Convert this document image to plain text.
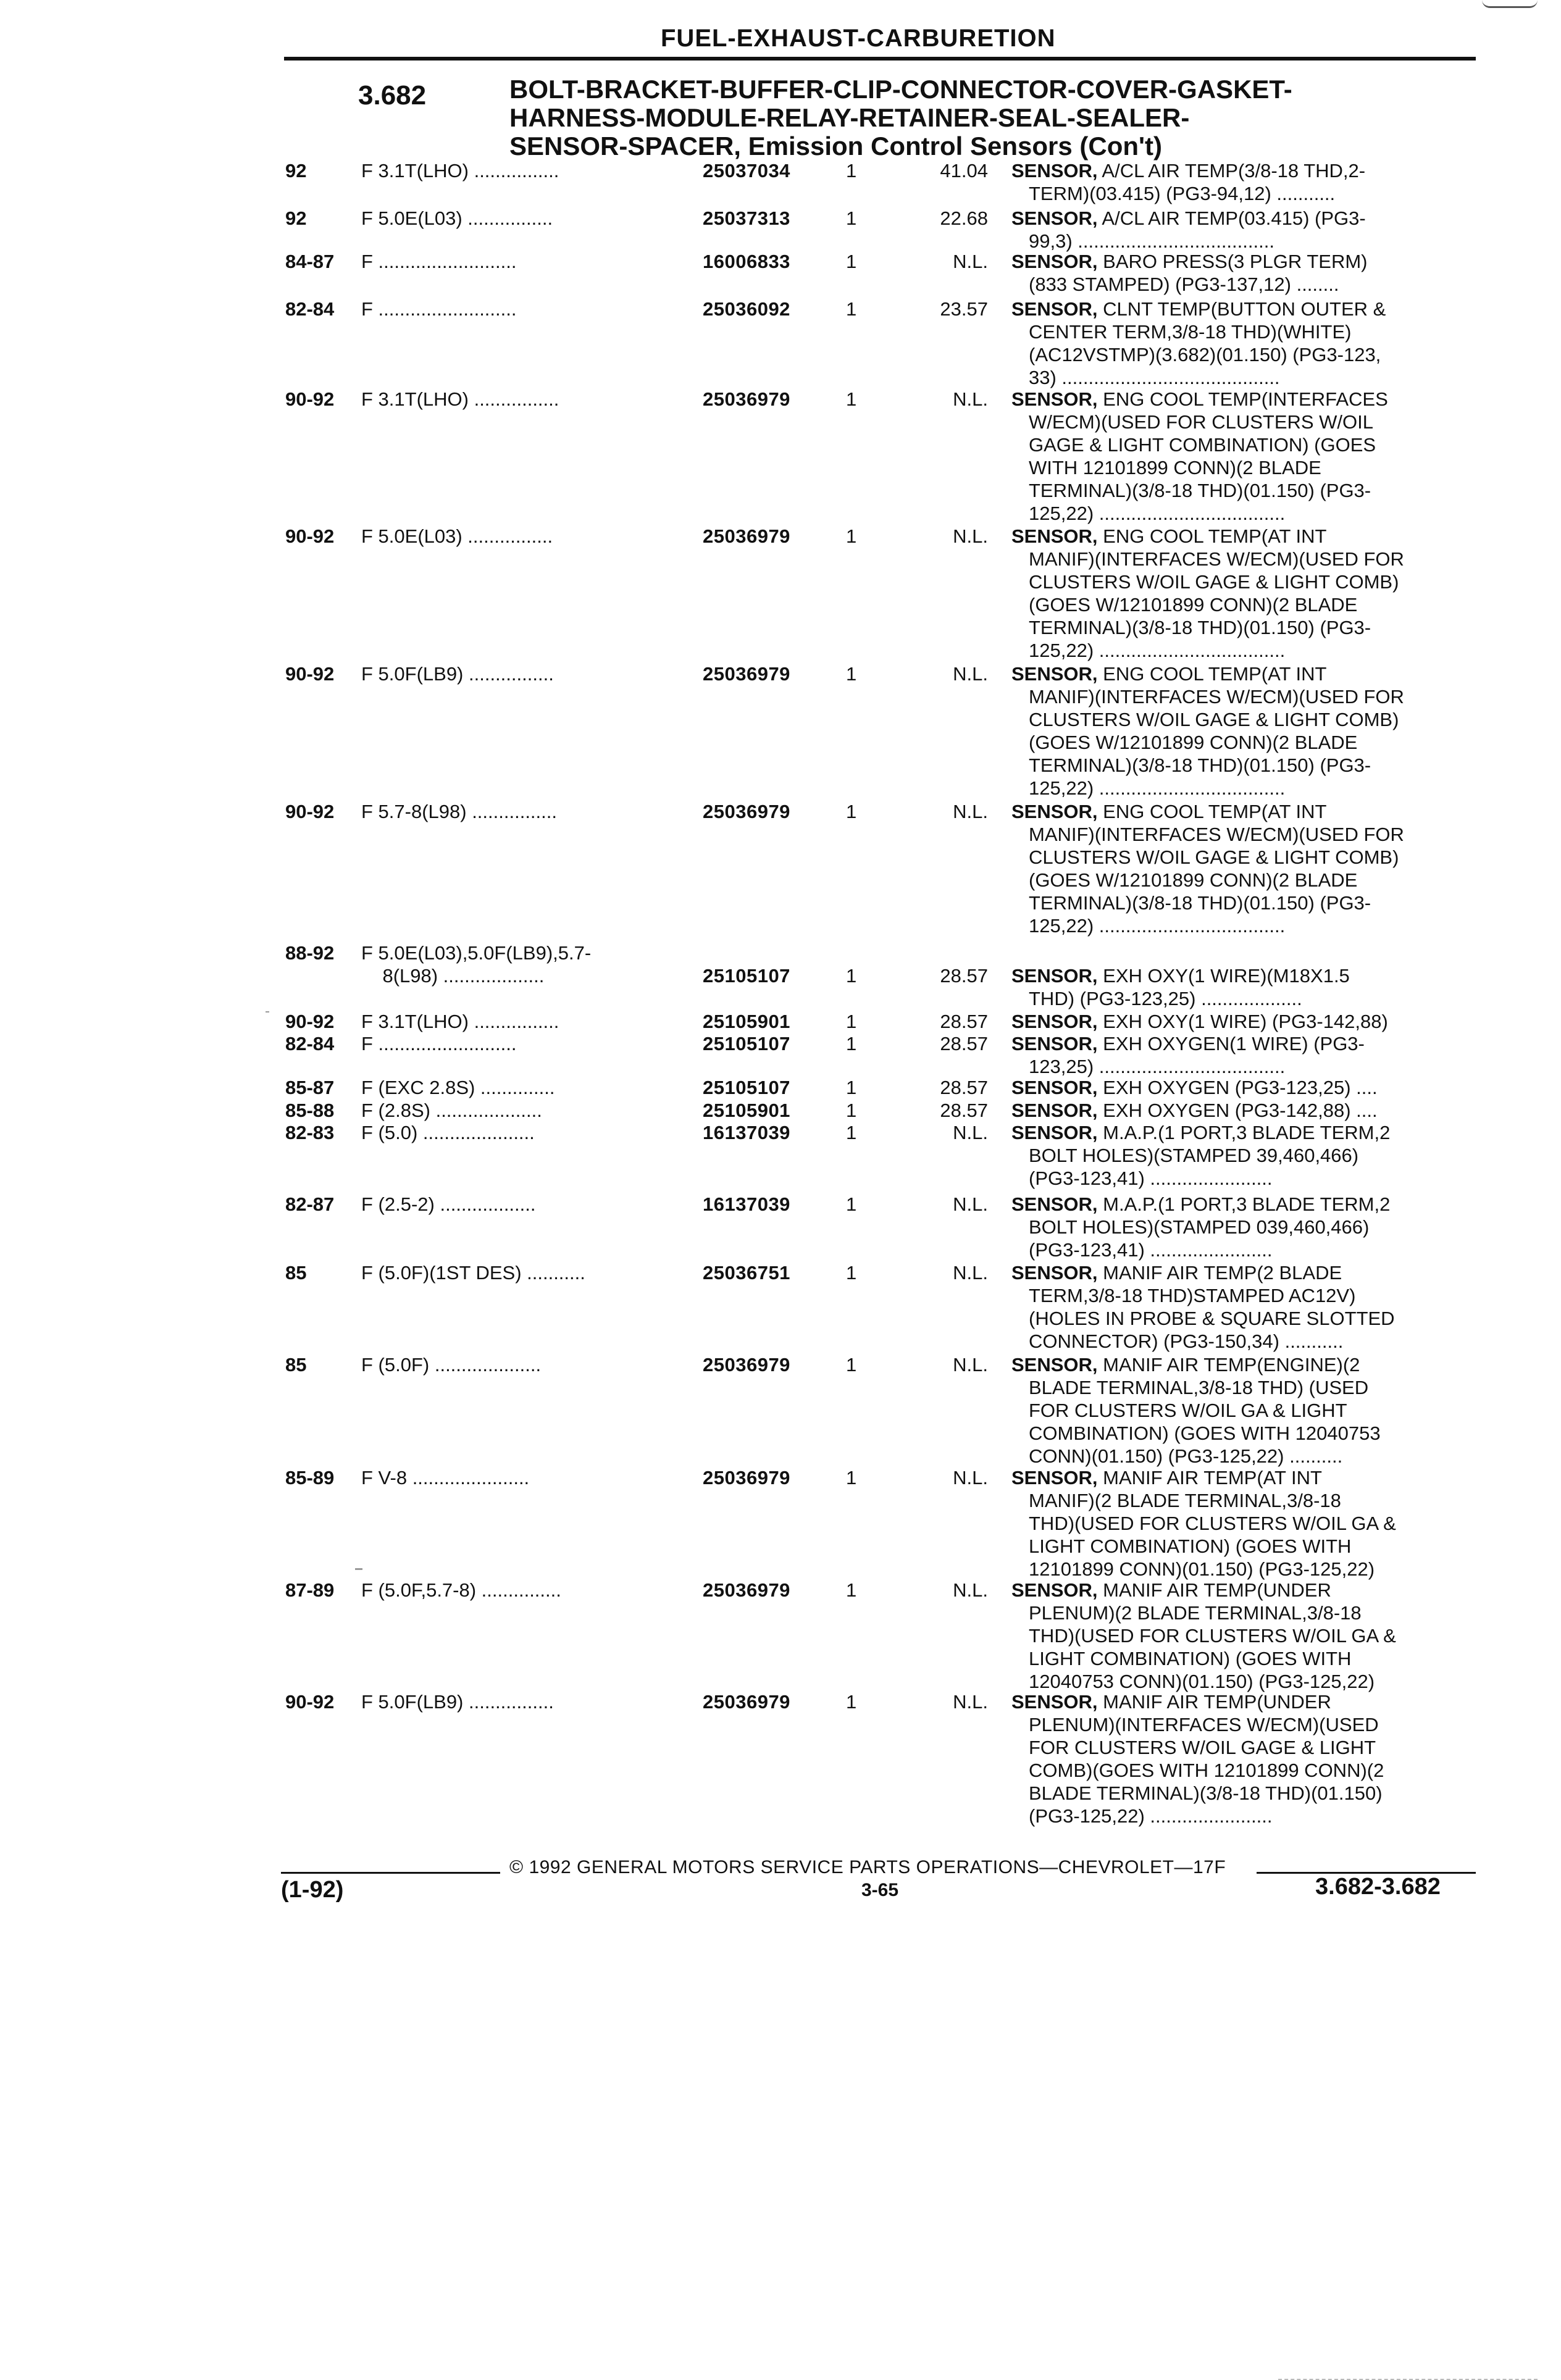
FUEL-EXHAUST-CARBURETION
3.682	BOLT-BRACKET-BUFFER-CLIP-CONNECTOR-COVER-GASKET-
HARNESS-MODULE-RELAY-RETAINER-SEAL-SEALER-
SENSOR-SPACER, Emission Control Sensors (Con't)
92	F 3.1T(LHO) ................	25037034	1	41.04 SENSOR, A/CL AIR TEMP(3/8-18 THD,2-
TERM)(03.415) (PG3-94,12) ...........
92	F 5.0E(L03) ................	25037313	1	22.68 SENSOR, A/CL AIR TEMP(03.415) (PG3-
99,3) .....................................
84-87	F ..........................	16006833	1	N.L. SENSOR, BARO PRESS(3 PLGR TERM)
(833 STAMPED) (PG3-137,12) ........
82-84	F ..........................	25036092	1	23.57 SENSOR, CLNT TEMP(BUTTON OUTER &
CENTER TERM,3/8-18 THD)(WHITE)
(AC12VSTMP)(3.682)(01.150) (PG3-123,
33) .........................................
90-92	F 3.1T(LHO) ................	25036979	1	N.L. SENSOR, ENG COOL TEMP(INTERFACES
W/ECM)(USED FOR CLUSTERS W/OIL
GAGE & LIGHT COMBINATION) (GOES
WITH 12101899 CONN)(2 BLADE
TERMINAL)(3/8-18 THD)(01.150) (PG3-
125,22) ...................................
90-92	F 5.0E(L03) ................	25036979	1	N.L. SENSOR, ENG COOL TEMP(AT INT
MANIF)(INTERFACES W/ECM)(USED FOR
CLUSTERS W/OIL GAGE & LIGHT COMB)
(GOES W/12101899 CONN)(2 BLADE
TERMINAL)(3/8-18 THD)(01.150) (PG3-
125,22) ...................................
90-92	F 5.0F(LB9) ................	25036979	1	N.L. SENSOR, ENG COOL TEMP(AT INT
MANIF)(INTERFACES W/ECM)(USED FOR
CLUSTERS W/OIL GAGE & LIGHT COMB)
(GOES W/12101899 CONN)(2 BLADE
TERMINAL)(3/8-18 THD)(01.150) (PG3-
125,22) ...................................
90-92	F 5.7-8(L98) ................	25036979	1	N.L. SENSOR, ENG COOL TEMP(AT INT
MANIF)(INTERFACES W/ECM)(USED FOR
CLUSTERS W/OIL GAGE & LIGHT COMB)
(GOES W/12101899 CONN)(2 BLADE
TERMINAL)(3/8-18 THD)(01.150) (PG3-
125,22) ...................................
88-92	F 5.0E(L03),5.0F(LB9),5.7-
8(L98) ...................	25105107	1	28.57 SENSOR, EXH OXY(1 WIRE)(M18X1.5
THD) (PG3-123,25) ...................
90-92	F 3.1T(LHO) ................	25105901	1	28.57 SENSOR, EXH OXY(1 WIRE) (PG3-142,88)
82-84	F ..........................	25105107	1	28.57 SENSOR, EXH OXYGEN(1 WIRE) (PG3-
123,25) ...................................
85-87	F (EXC 2.8S) ..............	25105107	1	28.57 SENSOR, EXH OXYGEN (PG3-123,25) ....
85-88	F (2.8S) ....................	25105901	1	28.57 SENSOR, EXH OXYGEN (PG3-142,88) ....
82-83	F (5.0) .....................	16137039	1	N.L. SENSOR, M.A.P.(1 PORT,3 BLADE TERM,2
BOLT HOLES)(STAMPED 39,460,466)
(PG3-123,41) .......................
82-87	F (2.5-2) ..................	16137039	1	N.L. SENSOR, M.A.P.(1 PORT,3 BLADE TERM,2
BOLT HOLES)(STAMPED 039,460,466)
(PG3-123,41) .......................
85	F (5.0F)(1ST DES) ...........	25036751	1	N.L. SENSOR, MANIF AIR TEMP(2 BLADE
TERM,3/8-18 THD)STAMPED AC12V)
(HOLES IN PROBE & SQUARE SLOTTED
CONNECTOR) (PG3-150,34) ...........
85	F (5.0F) ....................	25036979	1	N.L. SENSOR, MANIF AIR TEMP(ENGINE)(2
BLADE TERMINAL,3/8-18 THD) (USED
FOR CLUSTERS W/OIL GA & LIGHT
COMBINATION) (GOES WITH 12040753
CONN)(01.150) (PG3-125,22) ..........
85-89	F V-8 ......................	25036979	1	N.L. SENSOR, MANIF AIR TEMP(AT INT
MANIF)(2 BLADE TERMINAL,3/8-18
THD)(USED FOR CLUSTERS W/OIL GA &
LIGHT COMBINATION) (GOES WITH
12101899 CONN)(01.150) (PG3-125,22)
87-89	F (5.0F,5.7-8) ...............	25036979	1	N.L. SENSOR, MANIF AIR TEMP(UNDER
PLENUM)(2 BLADE TERMINAL,3/8-18
THD)(USED FOR CLUSTERS W/OIL GA &
LIGHT COMBINATION) (GOES WITH
12040753 CONN)(01.150) (PG3-125,22)
90-92	F 5.0F(LB9) ................	25036979	1	N.L. SENSOR, MANIF AIR TEMP(UNDER
PLENUM)(INTERFACES W/ECM)(USED
FOR CLUSTERS W/OIL GAGE & LIGHT
COMB)(GOES WITH 12101899 CONN)(2
BLADE TERMINAL)(3/8-18 THD)(01.150)
(PG3-125,22) .......................
© 1992 GENERAL MOTORS SERVICE PARTS OPERATIONS—CHEVROLET—17F
(1-92)	3-65	3.682-3.682
